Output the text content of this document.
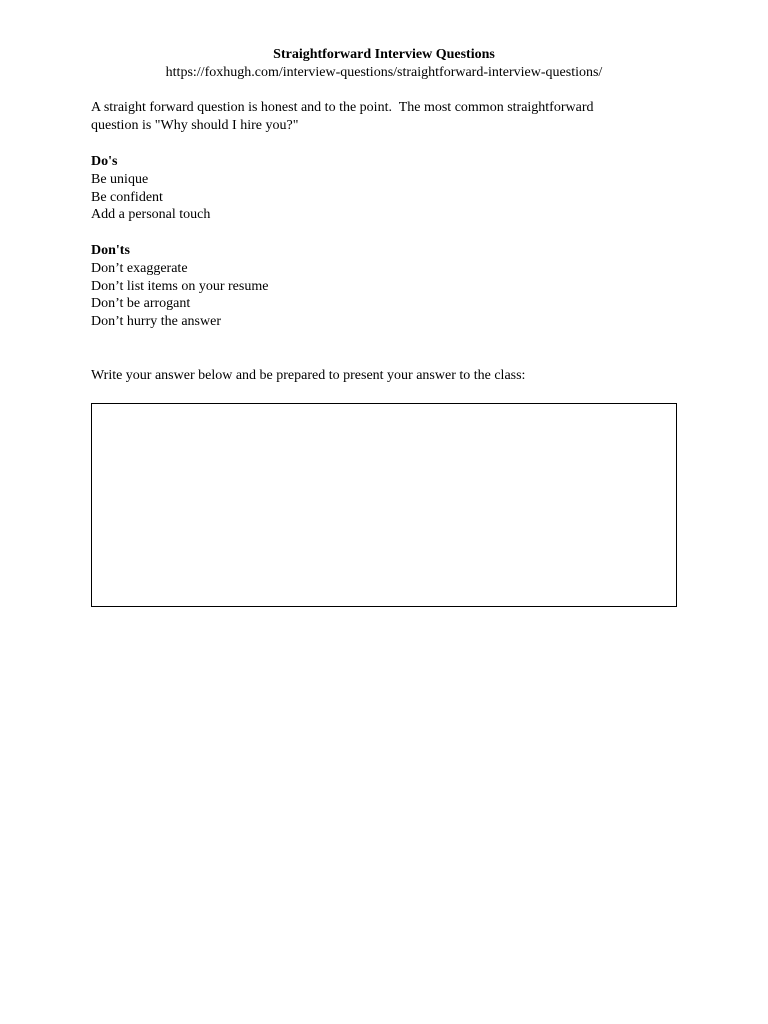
Straightforward Interview Questions
https://foxhugh.com/interview-questions/straightforward-interview-questions/
A straight forward question is honest and to the point.  The most common straightforward
question is "Why should I hire you?"
Do's
Be unique
Be confident
Add a personal touch
Don'ts
Don’t exaggerate
Don’t list items on your resume
Don’t be arrogant
Don’t hurry the answer
Write your answer below and be prepared to present your answer to the class:
